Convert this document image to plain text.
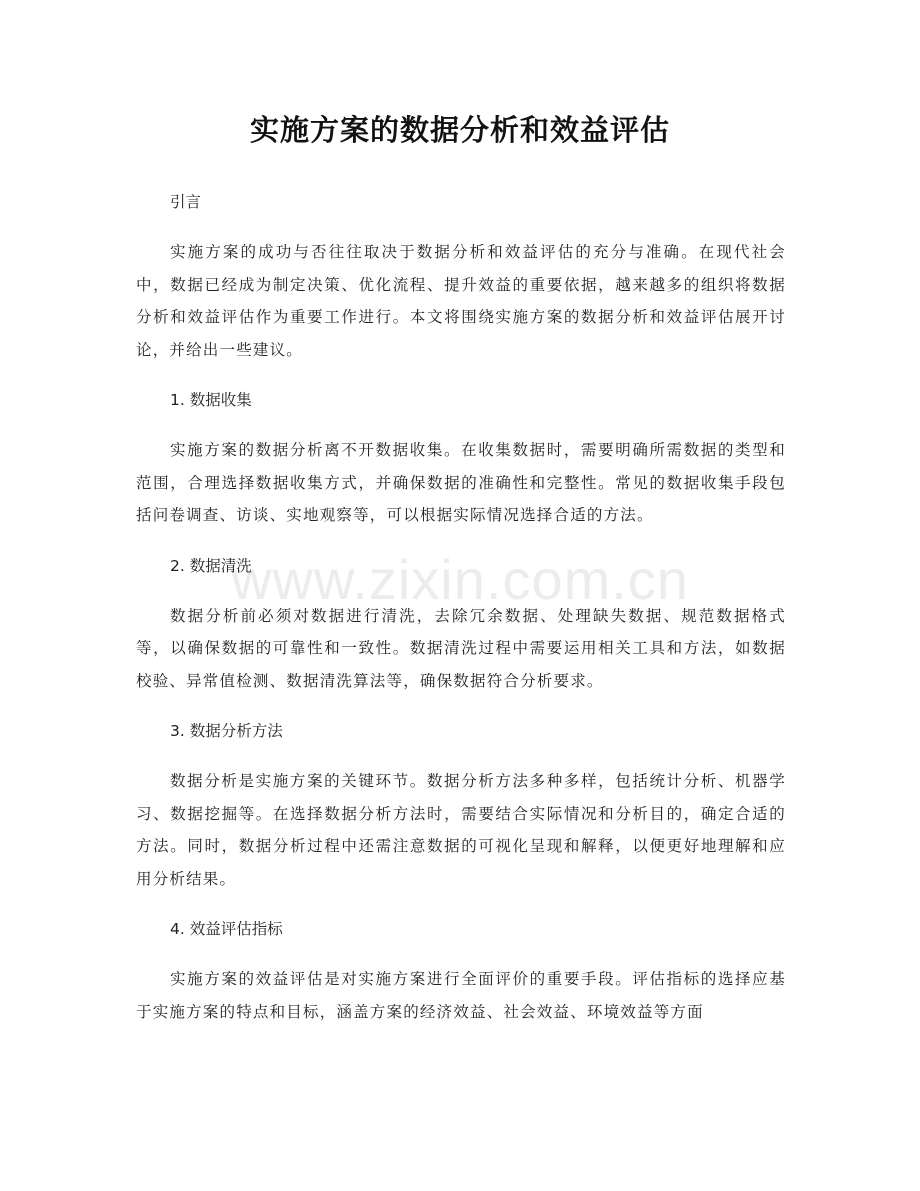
实施方案的数据分析和效益评估
www.zixin.com.cn
引言

实施方案的成功与否往往取决于数据分析和效益评估的充分与准确。在现代社会中，数据已经成为制定决策、优化流程、提升效益的重要依据，越来越多的组织将数据分析和效益评估作为重要工作进行。本文将围绕实施方案的数据分析和效益评估展开讨论，并给出一些建议。

1. 数据收集

实施方案的数据分析离不开数据收集。在收集数据时，需要明确所需数据的类型和范围，合理选择数据收集方式，并确保数据的准确性和完整性。常见的数据收集手段包括问卷调查、访谈、实地观察等，可以根据实际情况选择合适的方法。

2. 数据清洗

数据分析前必须对数据进行清洗，去除冗余数据、处理缺失数据、规范数据格式等，以确保数据的可靠性和一致性。数据清洗过程中需要运用相关工具和方法，如数据校验、异常值检测、数据清洗算法等，确保数据符合分析要求。

3. 数据分析方法

数据分析是实施方案的关键环节。数据分析方法多种多样，包括统计分析、机器学习、数据挖掘等。在选择数据分析方法时，需要结合实际情况和分析目的，确定合适的方法。同时，数据分析过程中还需注意数据的可视化呈现和解释，以便更好地理解和应用分析结果。

4. 效益评估指标

实施方案的效益评估是对实施方案进行全面评价的重要手段。评估指标的选择应基于实施方案的特点和目标，涵盖方案的经济效益、社会效益、环境效益等方面
